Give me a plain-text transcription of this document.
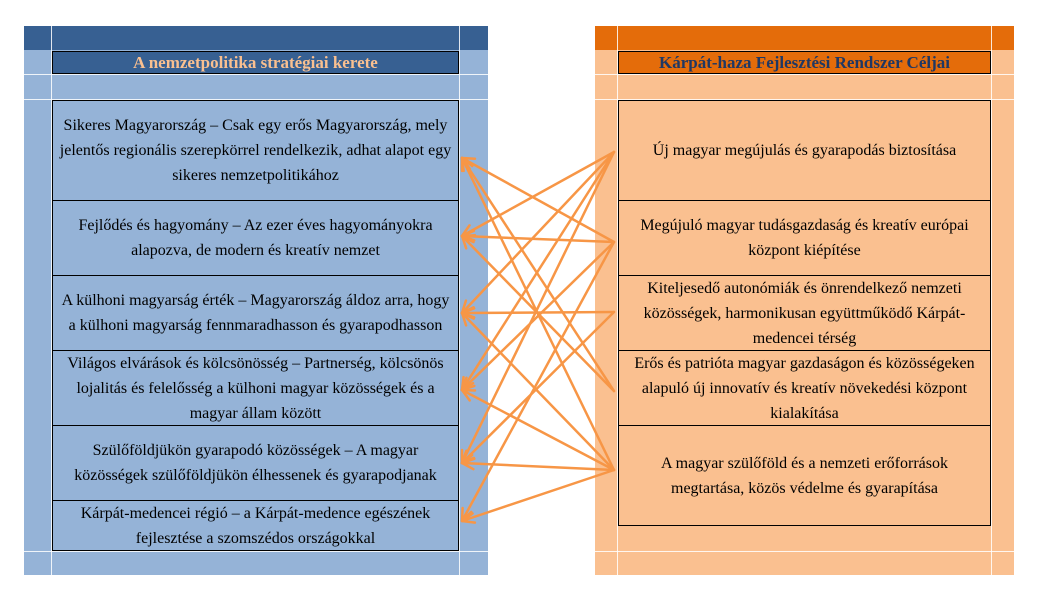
A nemzetpolitika stratégiai kerete
Sikeres Magyarország – Csak egy erős Magyarország, mely jelentős regionális szerepkörrel rendelkezik, adhat alapot egy sikeres nemzetpolitikához
Fejlődés és hagyomány – Az ezer éves hagyományokra alapozva, de modern és kreatív nemzet
A külhoni magyarság érték – Magyarország áldoz arra, hogy a külhoni magyarság fennmaradhasson és gyarapodhasson
Világos elvárások és kölcsönösség – Partnerség, kölcsönös lojalitás és felelősség a külhoni magyar közösségek és a magyar állam között
Szülőföldjükön gyarapodó közösségek – A magyar közösségek szülőföldjükön élhessenek és gyarapodjanak
Kárpát-medencei régió – a Kárpát-medence egészének fejlesztése a szomszédos országokkal
Kárpát-haza Fejlesztési Rendszer Céljai
Új magyar megújulás és gyarapodás biztosítása
Megújuló magyar tudásgazdaság és kreatív európai központ kiépítése
Kiteljesedő autonómiák és önrendelkező nemzeti közösségek, harmonikusan együttműködő Kárpát-medencei térség
Erős és patrióta magyar gazdaságon és közösségeken alapuló új innovatív és kreatív növekedési központ kialakítása
A magyar szülőföld és a nemzeti erőforrások megtartása, közös védelme és gyarapítása
